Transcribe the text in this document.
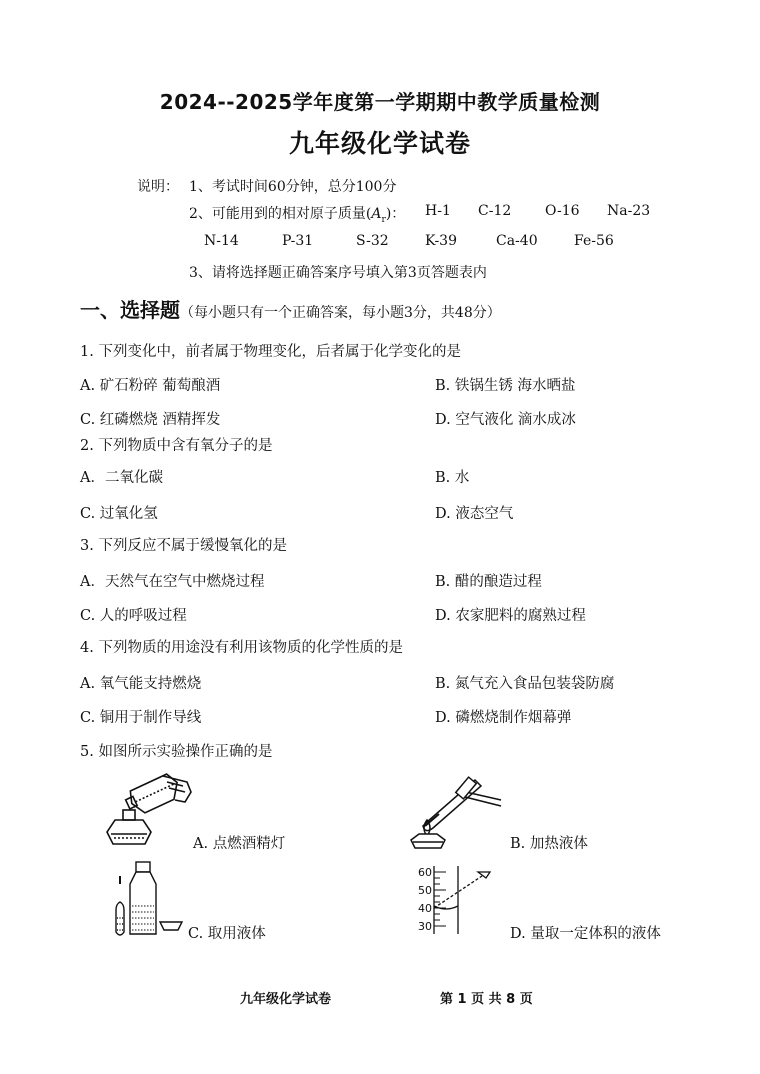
2024--2025学年度第一学期期中教学质量检测
九年级化学试卷
说明： 1、考试时间60分钟，总分100分
2、可能用到的相对原子质量$(A_r)$： H-1 C-12 O-16 Na-23
N-14	P-31	S-32	K-39	Ca-40	Fe-56
3、请将选择题正确答案序号填入第3页答题表内
一、选择题（每小题只有一个正确答案，每小题3分，共48分）
1. 下列变化中，前者属于物理变化，后者属于化学变化的是
A. 矿石粉碎 葡萄酿酒	B. 铁锅生锈 海水晒盐
C. 红磷燃烧 酒精挥发	D. 空气液化 滴水成冰
2. 下列物质中含有氧分子的是
A．二氧化碳	B. 水
C. 过氧化氢	D. 液态空气
3. 下列反应不属于缓慢氧化的是
A．天然气在空气中燃烧过程	B. 醋的酿造过程
C. 人的呼吸过程	D. 农家肥料的腐熟过程
4. 下列物质的用途没有利用该物质的化学性质的是
A. 氧气能支持燃烧	B. 氮气充入食品包装袋防腐
C. 铜用于制作导线	D. 磷燃烧制作烟幕弹
5. 如图所示实验操作正确的是
A. 点燃酒精灯	B. 加热液体
C. 取用液体
60
50
40
30	D. 量取一定体积的液体
九年级化学试卷	第 1 页 共 8 页
